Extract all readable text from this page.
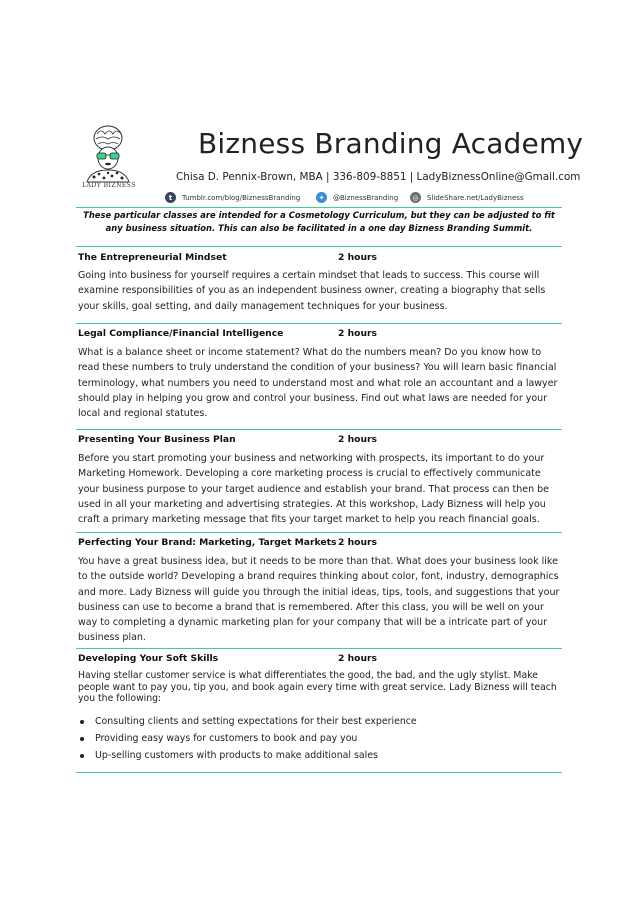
LADY BIZNESS
Bizness Branding Academy
Chisa D. Pennix-Brown, MBA | 336-809-8851 | LadyBiznessOnline@Gmail.com
t	Tumblr.com/blog/BiznessBranding	✦	@BiznessBranding	◎	SlideShare.net/LadyBizness
These particular classes are intended for a Cosmetology Curriculum, but they can be adjusted to fit any business situation. This can also be facilitated in a one day Bizness Branding Summit.
The Entrepreneurial Mindset	2 hours
Going into business for yourself requires a certain mindset that leads to success. This course will examine responsibilities of you as an independent business owner, creating a biography that sells your skills, goal setting, and daily management techniques for your business.
Legal Compliance/Financial Intelligence	2 hours
What is a balance sheet or income statement? What do the numbers mean? Do you know how to read these numbers to truly understand the condition of your business? You will learn basic financial terminology, what numbers you need to understand most and what role an accountant and a lawyer should play in helping you grow and control your business. Find out what laws are needed for your local and regional statutes.
Presenting Your Business Plan	2 hours
Before you start promoting your business and networking with prospects, its important to do your Marketing Homework. Developing a core marketing process is crucial to effectively communicate your business purpose to your target audience and establish your brand. That process can then be used in all your marketing and advertising strategies. At this workshop, Lady Bizness will help you craft a primary marketing message that fits your target market to help you reach financial goals.
Perfecting Your Brand: Marketing, Target Markets 2 hours
You have a great business idea, but it needs to be more than that. What does your business look like to the outside world? Developing a brand requires thinking about color, font, industry, demographics and more. Lady Bizness will guide you through the initial ideas, tips, tools, and suggestions that your business can use to become a brand that is remembered. After this class, you will be well on your way to completing a dynamic marketing plan for your company that will be a intricate part of your business plan.
Developing Your Soft Skills	2 hours
Having stellar customer service is what differentiates the good, the bad, and the ugly stylist. Make people want to pay you, tip you, and book again every time with great service. Lady Bizness will teach you the following:
Consulting clients and setting expectations for their best experience
Providing easy ways for customers to book and pay you
Up-selling customers with products to make additional sales
